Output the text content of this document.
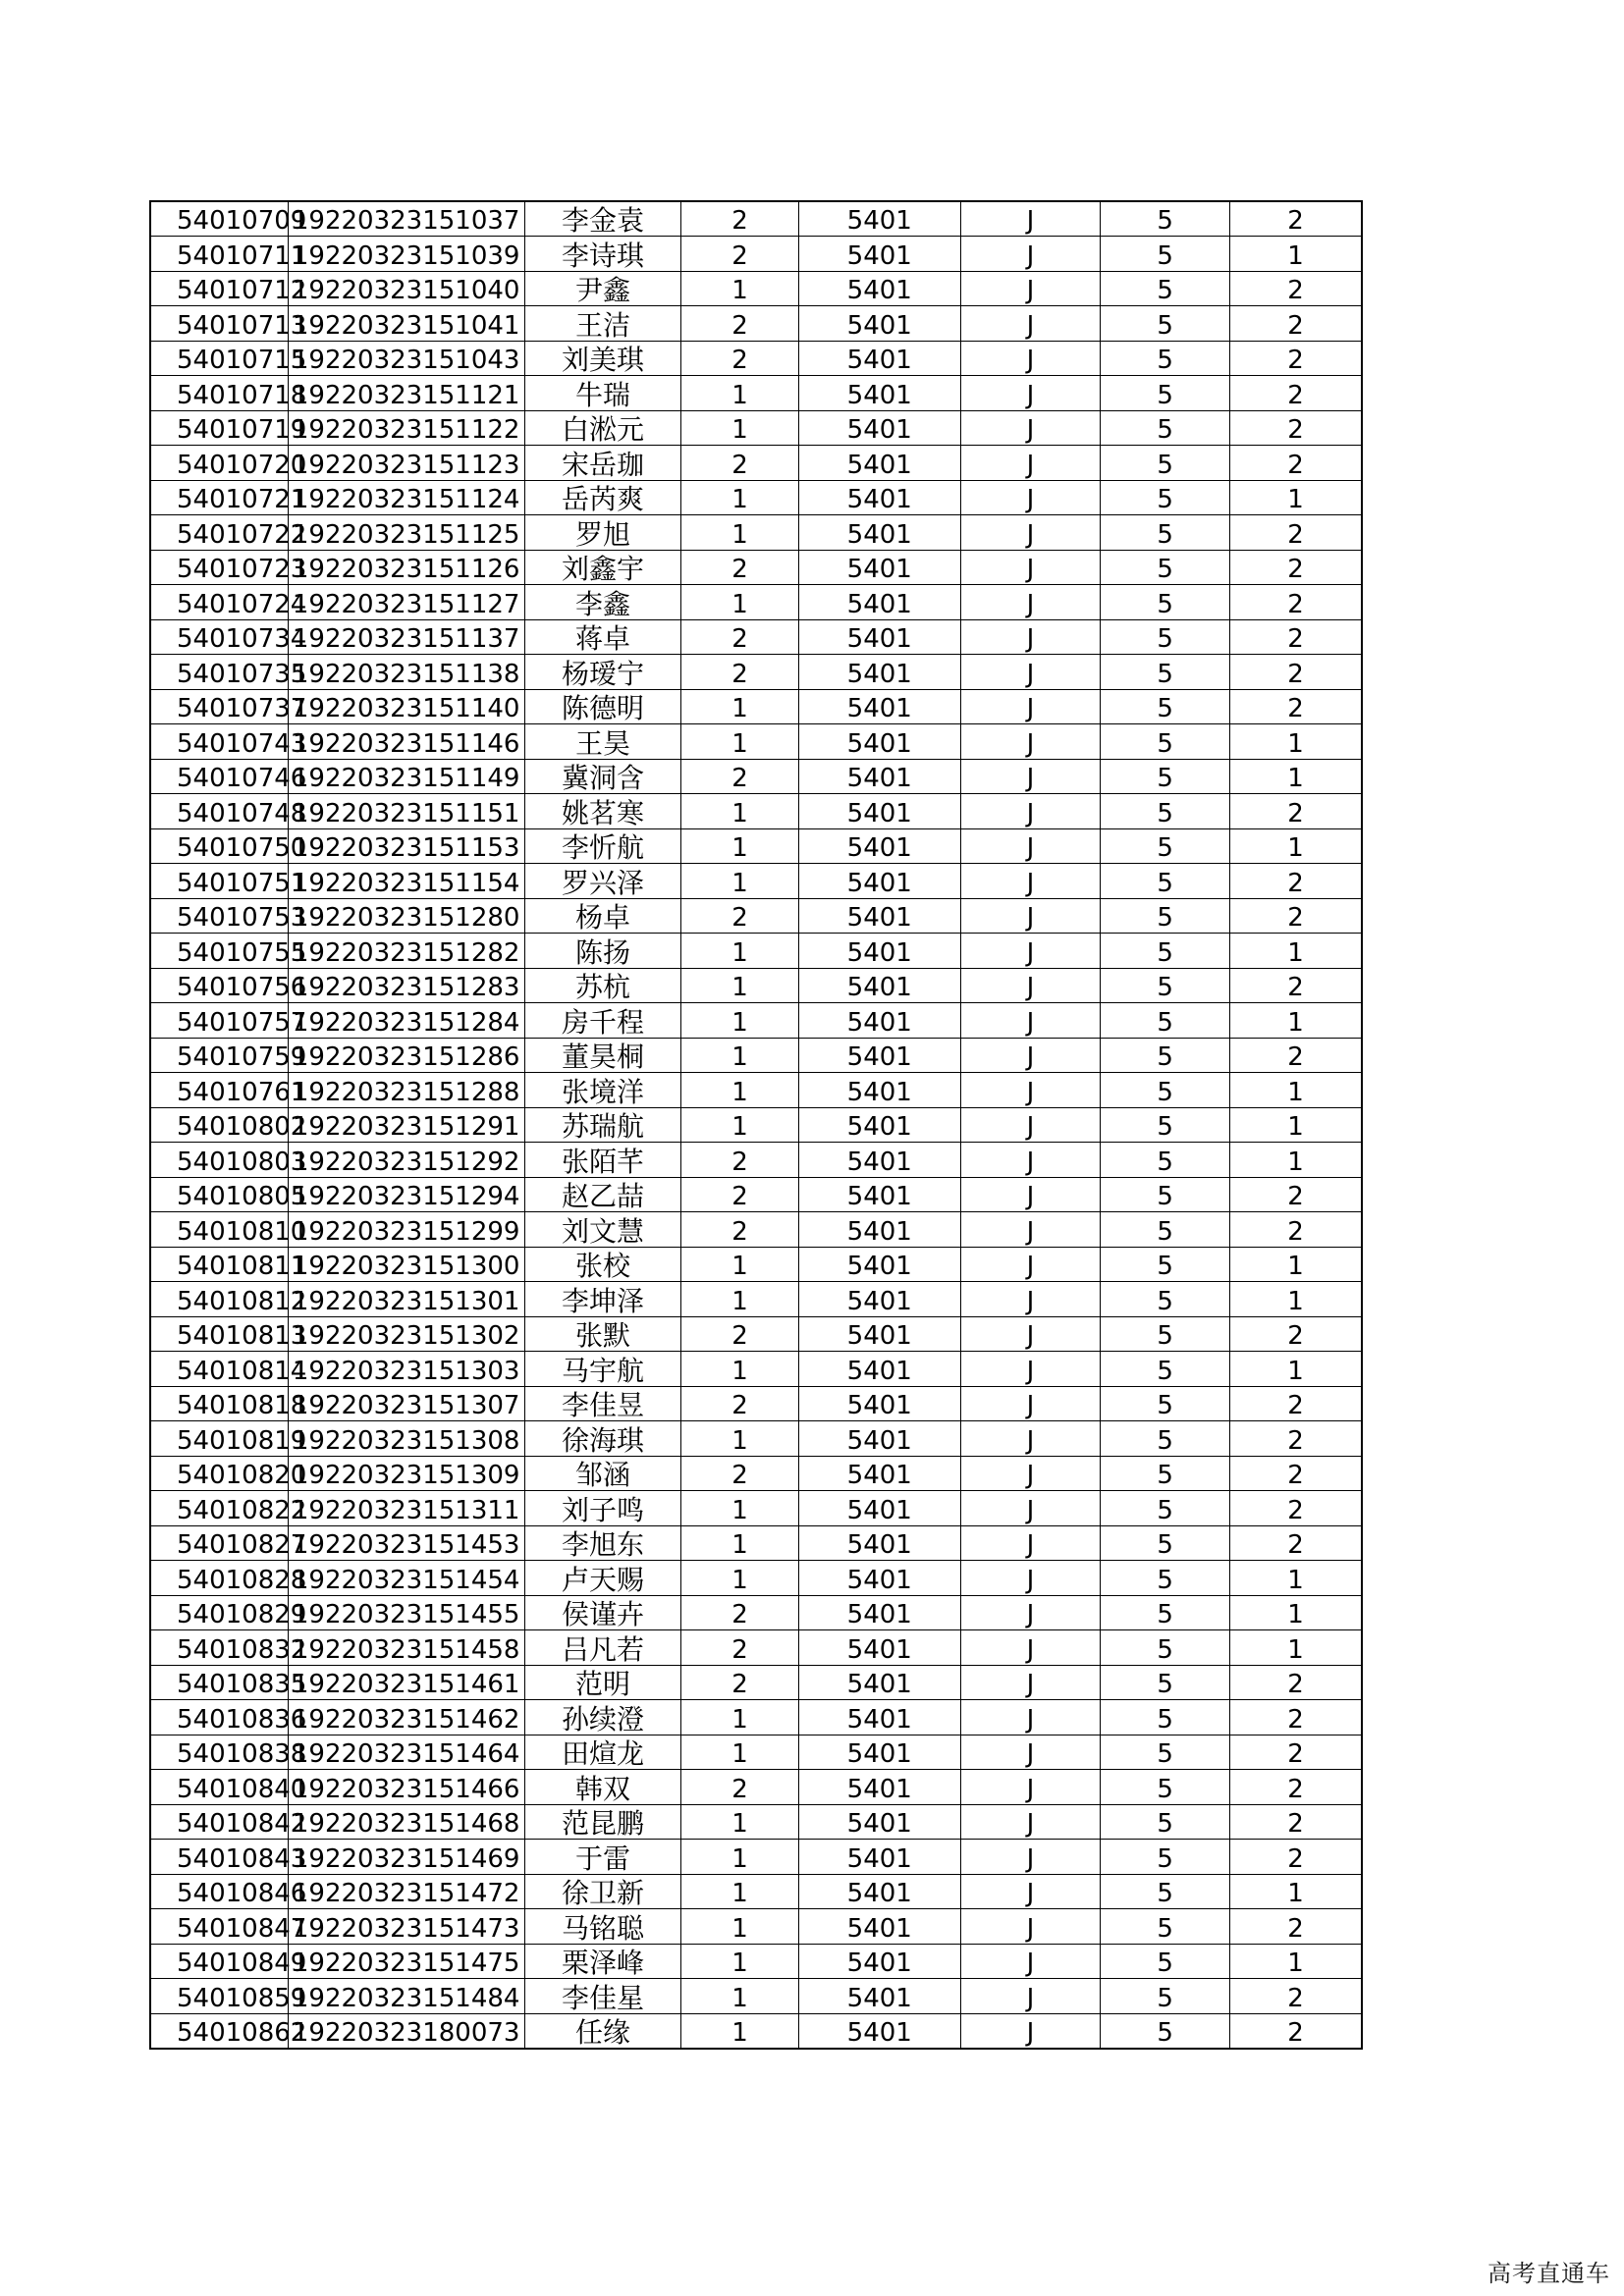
54010709	19220323151037	李金袁	2	5401	J	5	2
54010711	19220323151039	李诗琪	2	5401	J	5	1
54010712	19220323151040	尹鑫	1	5401	J	5	2
54010713	19220323151041	王洁	2	5401	J	5	2
54010715	19220323151043	刘美琪	2	5401	J	5	2
54010718	19220323151121	牛瑞	1	5401	J	5	2
54010719	19220323151122	白淞元	1	5401	J	5	2
54010720	19220323151123	宋岳珈	2	5401	J	5	2
54010721	19220323151124	岳芮爽	1	5401	J	5	1
54010722	19220323151125	罗旭	1	5401	J	5	2
54010723	19220323151126	刘鑫宇	2	5401	J	5	2
54010724	19220323151127	李鑫	1	5401	J	5	2
54010734	19220323151137	蒋卓	2	5401	J	5	2
54010735	19220323151138	杨瑷宁	2	5401	J	5	2
54010737	19220323151140	陈德明	1	5401	J	5	2
54010743	19220323151146	王昊	1	5401	J	5	1
54010746	19220323151149	冀洞含	2	5401	J	5	1
54010748	19220323151151	姚茗寒	1	5401	J	5	2
54010750	19220323151153	李忻航	1	5401	J	5	1
54010751	19220323151154	罗兴泽	1	5401	J	5	2
54010753	19220323151280	杨卓	2	5401	J	5	2
54010755	19220323151282	陈扬	1	5401	J	5	1
54010756	19220323151283	苏杭	1	5401	J	5	2
54010757	19220323151284	房千程	1	5401	J	5	1
54010759	19220323151286	董昊桐	1	5401	J	5	2
54010761	19220323151288	张境洋	1	5401	J	5	1
54010802	19220323151291	苏瑞航	1	5401	J	5	1
54010803	19220323151292	张陌芊	2	5401	J	5	1
54010805	19220323151294	赵乙喆	2	5401	J	5	2
54010810	19220323151299	刘文慧	2	5401	J	5	2
54010811	19220323151300	张校	1	5401	J	5	1
54010812	19220323151301	李坤泽	1	5401	J	5	1
54010813	19220323151302	张默	2	5401	J	5	2
54010814	19220323151303	马宇航	1	5401	J	5	1
54010818	19220323151307	李佳昱	2	5401	J	5	2
54010819	19220323151308	徐海琪	1	5401	J	5	2
54010820	19220323151309	邹涵	2	5401	J	5	2
54010822	19220323151311	刘子鸣	1	5401	J	5	2
54010827	19220323151453	李旭东	1	5401	J	5	2
54010828	19220323151454	卢天赐	1	5401	J	5	1
54010829	19220323151455	侯谨卉	2	5401	J	5	1
54010832	19220323151458	吕凡若	2	5401	J	5	1
54010835	19220323151461	范明	2	5401	J	5	2
54010836	19220323151462	孙续澄	1	5401	J	5	2
54010838	19220323151464	田煊龙	1	5401	J	5	2
54010840	19220323151466	韩双	2	5401	J	5	2
54010842	19220323151468	范昆鹏	1	5401	J	5	2
54010843	19220323151469	于雷	1	5401	J	5	2
54010846	19220323151472	徐卫新	1	5401	J	5	1
54010847	19220323151473	马铭聪	1	5401	J	5	2
54010849	19220323151475	栗泽峰	1	5401	J	5	1
54010859	19220323151484	李佳星	1	5401	J	5	2
54010862	19220323180073	任缘	1	5401	J	5	2
高考直通车
